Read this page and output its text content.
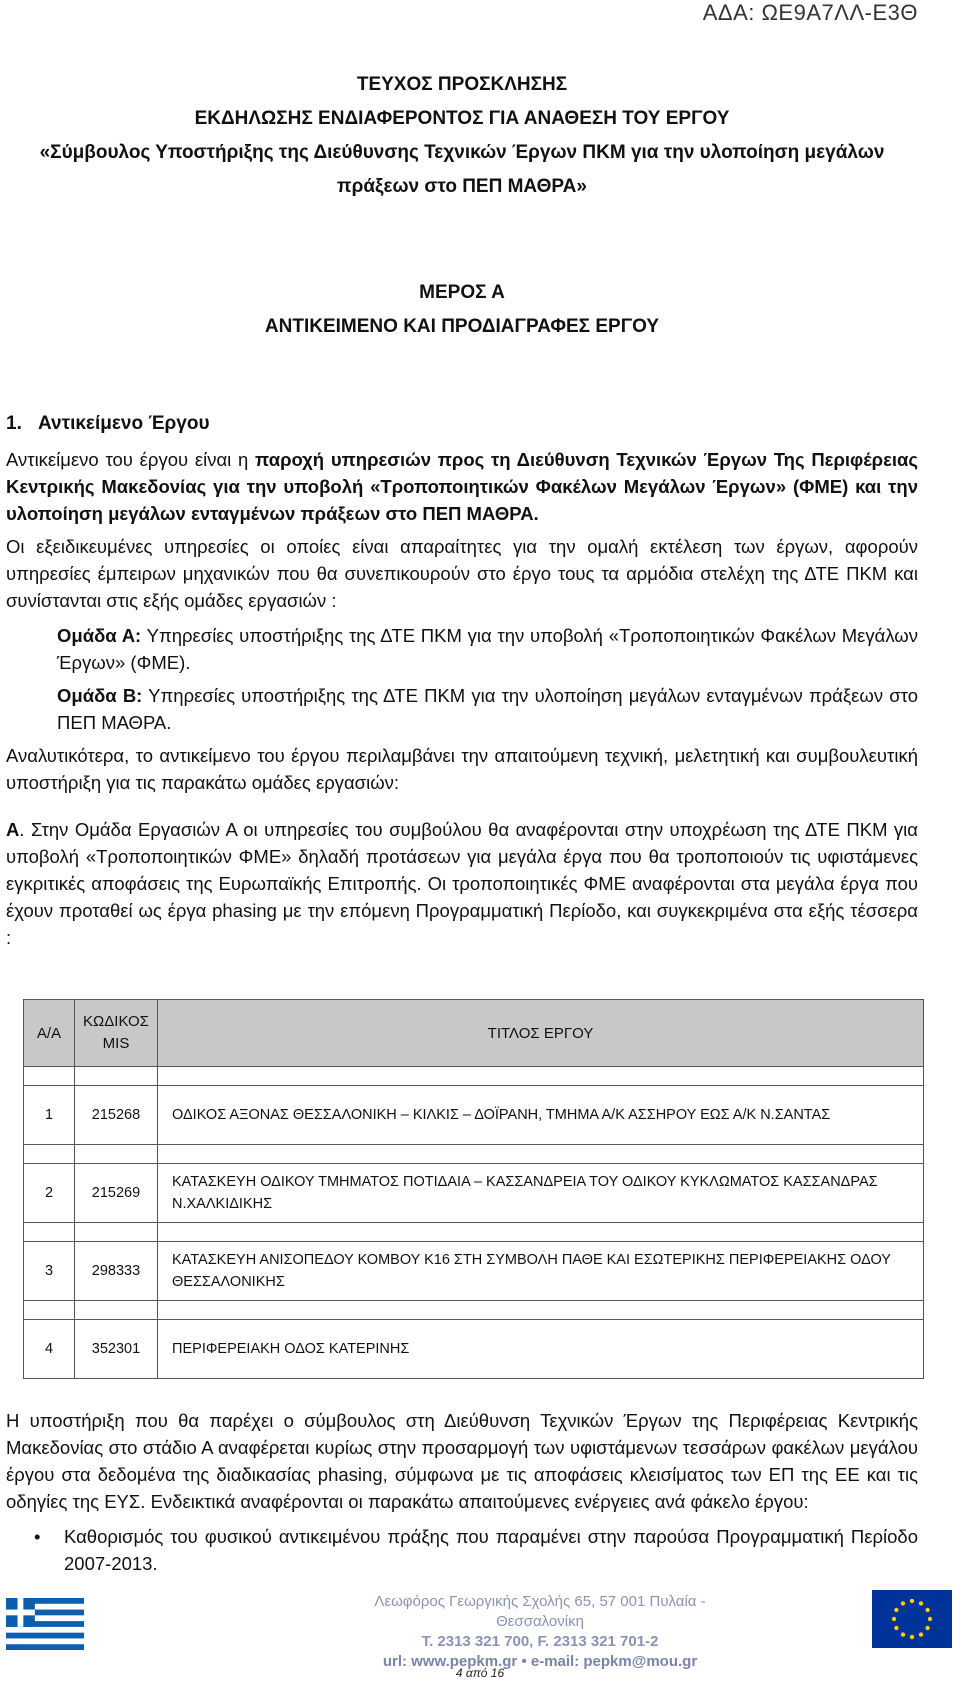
ΑΔΑ: ΩΕ9Α7ΛΛ-Ε3Θ
ΤΕΥΧΟΣ ΠΡΟΣΚΛΗΣΗΣ
ΕΚΔΗΛΩΣΗΣ ΕΝΔΙΑΦΕΡΟΝΤΟΣ ΓΙΑ ΑΝΑΘΕΣΗ ΤΟΥ ΕΡΓΟΥ
«Σύμβουλος Υποστήριξης της Διεύθυνσης Τεχνικών Έργων ΠΚΜ για την υλοποίηση μεγάλων
πράξεων στο ΠΕΠ ΜΑΘΡΑ»
ΜΕΡΟΣ Α
ΑΝΤΙΚΕΙΜΕΝΟ ΚΑΙ ΠΡΟΔΙΑΓΡΑΦΕΣ ΕΡΓΟΥ
1. Αντικείμενο Έργου

Αντικείμενο του έργου είναι η παροχή υπηρεσιών προς τη Διεύθυνση Τεχνικών Έργων Της Περιφέρειας Κεντρικής Μακεδονίας για την υποβολή «Τροποποιητικών Φακέλων Μεγάλων Έργων» (ΦΜΕ) και την υλοποίηση μεγάλων ενταγμένων πράξεων στο ΠΕΠ ΜΑΘΡΑ.

Οι εξειδικευμένες υπηρεσίες οι οποίες είναι απαραίτητες για την ομαλή εκτέλεση των έργων, αφορούν υπηρεσίες έμπειρων μηχανικών που θα συνεπικουρούν στο έργο τους τα αρμόδια στελέχη της ΔΤΕ ΠΚΜ και συνίστανται στις εξής ομάδες εργασιών :

Ομάδα Α: Υπηρεσίες υποστήριξης της ΔΤΕ ΠΚΜ για την υποβολή «Τροποποιητικών Φακέλων Μεγάλων Έργων» (ΦΜΕ).

Ομάδα Β: Υπηρεσίες υποστήριξης της ΔΤΕ ΠΚΜ για την υλοποίηση μεγάλων ενταγμένων πράξεων στο ΠΕΠ ΜΑΘΡΑ.

Αναλυτικότερα, το αντικείμενο του έργου περιλαμβάνει την απαιτούμενη τεχνική, μελετητική και συμβουλευτική υποστήριξη για τις παρακάτω ομάδες εργασιών:

Α. Στην Ομάδα Εργασιών Α οι υπηρεσίες του συμβούλου θα αναφέρονται στην υποχρέωση της ΔΤΕ ΠΚΜ για υποβολή «Τροποποιητικών ΦΜΕ» δηλαδή προτάσεων για μεγάλα έργα που θα τροποποιούν τις υφιστάμενες εγκριτικές αποφάσεις της Ευρωπαϊκής Επιτροπής. Οι τροποποιητικές ΦΜΕ αναφέρονται στα μεγάλα έργα που έχουν προταθεί ως έργα phasing με την επόμενη Προγραμματική Περίοδο, και συγκεκριμένα στα εξής τέσσερα :

Α/Α	ΚΩΔΙΚΟΣ MIS	ΤΙΤΛΟΣ ΕΡΓΟΥ

1	215268	ΟΔΙΚΟΣ ΑΞΟΝΑΣ ΘΕΣΣΑΛΟΝΙΚΗ – ΚΙΛΚΙΣ – ΔΟΪΡΑΝΗ, ΤΜΗΜΑ Α/Κ ΑΣΣΗΡΟΥ ΕΩΣ Α/Κ Ν.ΣΑΝΤΑΣ

2	215269	ΚΑΤΑΣΚΕΥΗ ΟΔΙΚΟΥ ΤΜΗΜΑΤΟΣ ΠΟΤΙΔΑΙΑ – ΚΑΣΣΑΝΔΡΕΙΑ ΤΟΥ ΟΔΙΚΟΥ ΚΥΚΛΩΜΑΤΟΣ ΚΑΣΣΑΝΔΡΑΣ Ν.ΧΑΛΚΙΔΙΚΗΣ

3	298333	ΚΑΤΑΣΚΕΥΗ ΑΝΙΣΟΠΕΔΟΥ ΚΟΜΒΟΥ Κ16 ΣΤΗ ΣΥΜΒΟΛΗ ΠΑΘΕ ΚΑΙ ΕΣΩΤΕΡΙΚΗΣ ΠΕΡΙΦΕΡΕΙΑΚΗΣ ΟΔΟΥ ΘΕΣΣΑΛΟΝΙΚΗΣ

4	352301	ΠΕΡΙΦΕΡΕΙΑΚΗ ΟΔΟΣ ΚΑΤΕΡΙΝΗΣ

Η υποστήριξη που θα παρέχει ο σύμβουλος στη Διεύθυνση Τεχνικών Έργων της Περιφέρειας Κεντρικής Μακεδονίας στο στάδιο Α αναφέρεται κυρίως στην προσαρμογή των υφιστάμενων τεσσάρων φακέλων μεγάλου έργου στα δεδομένα της διαδικασίας phasing, σύμφωνα με τις αποφάσεις κλεισίματος των ΕΠ της ΕΕ και τις οδηγίες της ΕΥΣ. Ενδεικτικά αναφέρονται οι παρακάτω απαιτούμενες ενέργειες ανά φάκελο έργου:

• Καθορισμός του φυσικού αντικειμένου πράξης που παραμένει στην παρούσα Προγραμματική Περίοδο 2007-2013.
Λεωφόρος Γεωργικής Σχολής 65, 57 001 Πυλαία - Θεσσαλονίκη
T. 2313 321 700, F. 2313 321 701-2
url: www.pepkm.gr • e-mail: pepkm@mou.gr
4 από 16
